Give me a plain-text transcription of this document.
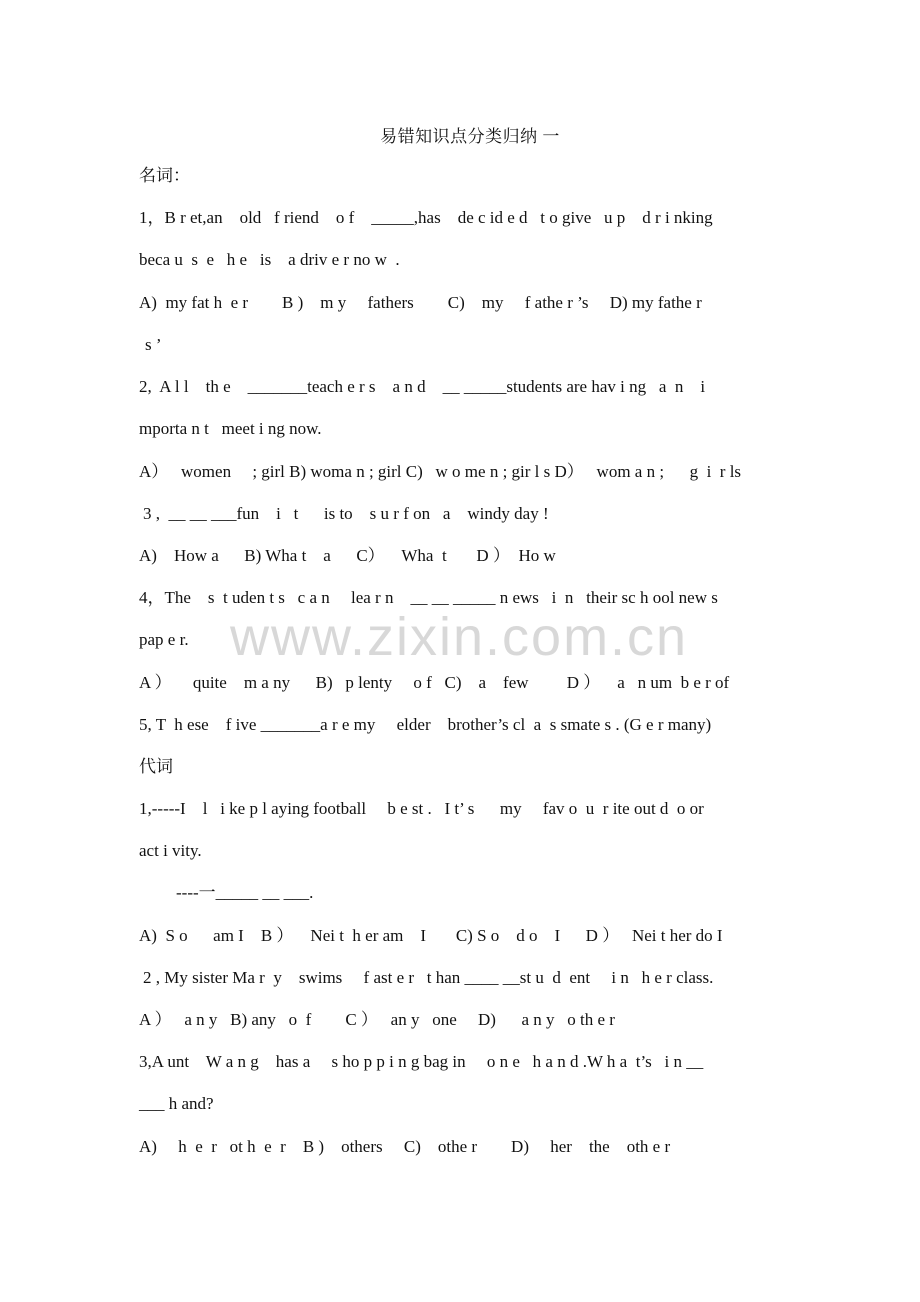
易错知识点分类归纳 一
名词：
1，B r et,an    old   f riend    o f    _____,has    de c id e d   t o give   u p    d r i nking
beca u  s  e   h e   is    a driv e r no w  .
A)  my fat h  e r        B )    m y     fathers        C)    my     f athe r ’s     D) my fathe r
s ’
2,  A l l    th e    _______teach e r s    a n d    __ _____students are hav i ng   a  n    i
mporta n t   meet i ng now.
A）   women     ; girl B) woma n ; girl C)   w o me n ; gir l s D）   wom a n ;      g  i  r ls
3 ,  __ __ ___fun    i   t      is to    s u r f on   a    windy day !
A)    How a      B) Wha t    a      C）    Wha  t       D ）  Ho w
4，The    s  t uden t s   c a n     lea r n    __ __ _____ n ews   i  n   their sc h ool new s
pap e r.
A ）     quite    m a ny      B)   p lenty     o f   C)    a    few         D ）    a   n um  b e r of
5, T  h ese    f ive _______a r e my     elder    brother’s cl  a  s smate s . (G e r many)
代词
1,-----I    l   i ke p l aying football     b e st .   I t’ s      my     fav o  u  r ite out d  o or
act i vity.
----一_____ __ ___.
A)  S o      am I    B ）    Nei t  h er am    I       C) S o    d o    I      D ）   Nei t her do I
2 , My sister Ma r  y    swims     f ast e r   t han ____ __st u  d  ent     i n   h e r class.
A ）   a n y   B) any   o  f        C ）   an y   one     D)      a n y   o th e r
3,A unt    W a n g    has a     s ho p p i n g bag in     o n e   h a n d .W h a  t’s   i n __
___ h and?
A)     h  e  r   ot h  e  r    B )    others     C)    othe r        D)     her    the    oth e r
www.zixin.com.cn
